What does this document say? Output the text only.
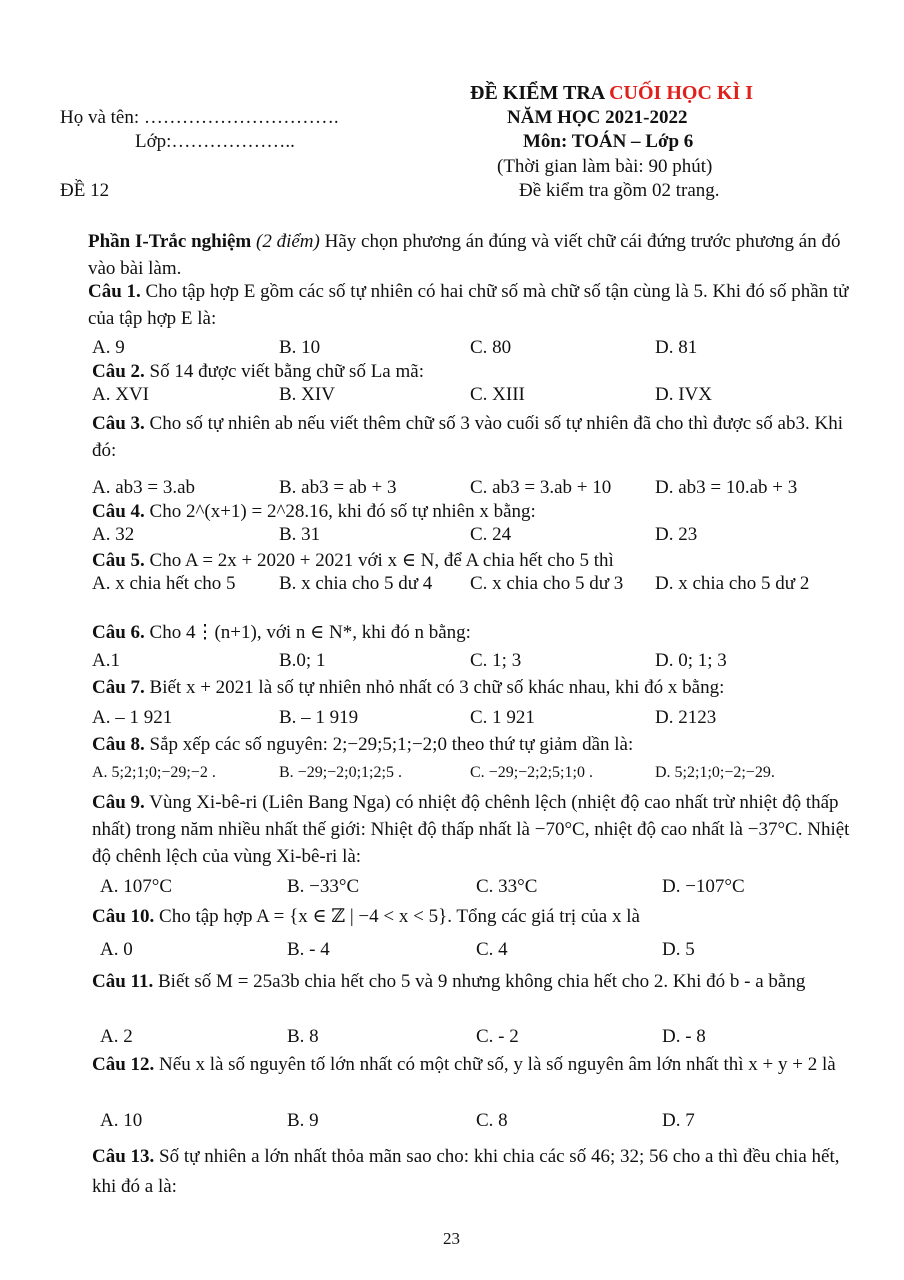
ĐỀ KIỂM TRA CUỐI HỌC KÌ I
Họ và tên: ………………………….	NĂM HỌC 2021-2022
Lớp:………………..	Môn: TOÁN – Lớp 6
(Thời gian làm bài: 90 phút)
ĐỀ 12	Đề kiểm tra gồm 02 trang.
Phần I-Trắc nghiệm (2 điểm) Hãy chọn phương án đúng và viết chữ cái đứng trước phương án đó vào bài làm.
Câu 1. Cho tập hợp E gồm các số tự nhiên có hai chữ số mà chữ số tận cùng là 5. Khi đó số phần tử của tập hợp E là:
A. 9	B. 10	C. 80	D. 81
Câu 2. Số 14 được viết bằng chữ số La mã:
A. XVI	B. XIV	C. XIII	D. IVX
Câu 3. Cho số tự nhiên ab nếu viết thêm chữ số 3 vào cuối số tự nhiên đã cho thì được số ab3. Khi đó:
A. ab3 = 3.ab	B. ab3 = ab + 3	C. ab3 = 3.ab + 10 D. ab3 = 10.ab + 3
Câu 4. Cho 2^(x+1) = 2^28.16, khi đó số tự nhiên x bằng:
A. 32	B. 31	C. 24	D. 23
Câu 5. Cho A = 2x + 2020 + 2021 với x ∈ N, để A chia hết cho 5 thì
A. x chia hết cho 5	B. x chia cho 5 dư 4	C. x chia cho 5 dư 3	D. x chia cho 5 dư 2
Câu 6. Cho 4⋮(n+1), với n ∈ N*, khi đó n bằng:
A.1	B.0; 1	C. 1; 3	D. 0; 1; 3
Câu 7. Biết x + 2021 là số tự nhiên nhỏ nhất có 3 chữ số khác nhau, khi đó x bằng:
A. – 1 921	B. – 1 919	C. 1 921	D. 2123
Câu 8. Sắp xếp các số nguyên: 2;−29;5;1;−2;0 theo thứ tự giảm dần là:
A. 5;2;1;0;−29;−2 .	B. −29;−2;0;1;2;5 .	C. −29;−2;2;5;1;0 .	D. 5;2;1;0;−2;−29.
Câu 9. Vùng Xi-bê-ri (Liên Bang Nga) có nhiệt độ chênh lệch (nhiệt độ cao nhất trừ nhiệt độ thấp nhất) trong năm nhiều nhất thế giới: Nhiệt độ thấp nhất là −70°C, nhiệt độ cao nhất là −37°C. Nhiệt độ chênh lệch của vùng Xi-bê-ri là:
A. 107°C	B. −33°C	C. 33°C	D. −107°C
Câu 10. Cho tập hợp A = {x ∈ ℤ | −4 < x < 5}. Tổng các giá trị của x là
A. 0	B. - 4	C. 4	D. 5
Câu 11. Biết số M = 25a3b chia hết cho 5 và 9 nhưng không chia hết cho 2. Khi đó b - a bằng
A. 2	B. 8	C. - 2	D. - 8
Câu 12. Nếu x là số nguyên tố lớn nhất có một chữ số, y là số nguyên âm lớn nhất thì x + y + 2 là
A. 10	B. 9	C. 8	D. 7
Câu 13. Số tự nhiên a lớn nhất thỏa mãn sao cho: khi chia các số 46; 32; 56 cho a thì đều chia hết, khi đó a là:
23
